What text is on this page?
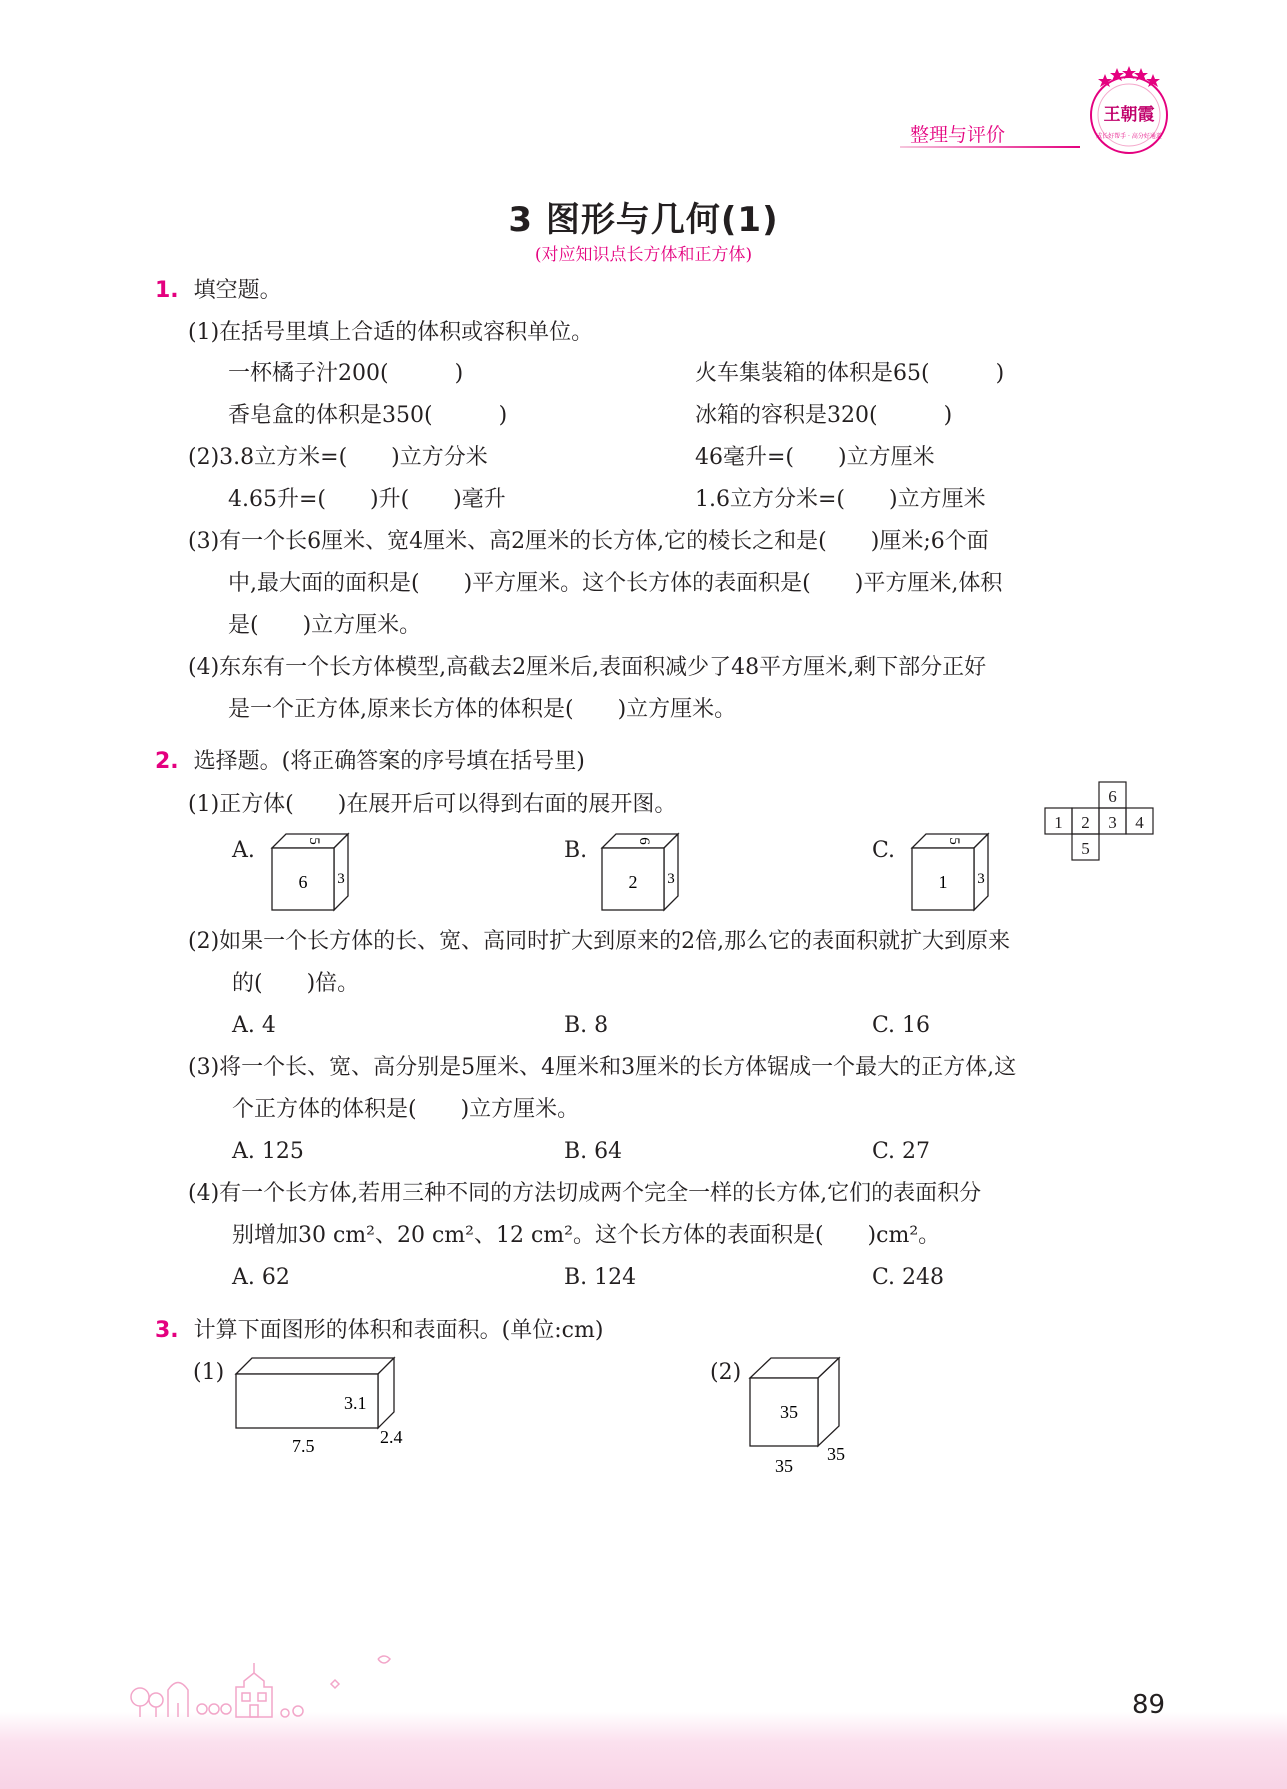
整理与评价
王朝霞
成长好帮手 · 高分好通道
3 图形与几何(1)
(对应知识点长方体和正方体)
1. 填空题。
(1)在括号里填上合适的体积或容积单位。
一杯橘子汁200(　　　)	火车集装箱的体积是65(　　　)
香皂盒的体积是350(　　　)	冰箱的容积是320(　　　)
(2)3.8立方米=(　　)立方分米	46毫升=(　　)立方厘米
4.65升=(　　)升(　　)毫升	1.6立方分米=(　　)立方厘米
(3)有一个长6厘米、宽4厘米、高2厘米的长方体,它的棱长之和是(　　)厘米;6个面
中,最大面的面积是(　　)平方厘米。这个长方体的表面积是(　　)平方厘米,体积
是(　　)立方厘米。
(4)东东有一个长方体模型,高截去2厘米后,表面积减少了48平方厘米,剩下部分正好
是一个正方体,原来长方体的体积是(　　)立方厘米。
2. 选择题。(将正确答案的序号填在括号里)
(1)正方体(　　)在展开后可以得到右面的展开图。	6
1 2 3 4
5
A.
6
5
3
B.
2
6
3
C.
1
5
3
(2)如果一个长方体的长、宽、高同时扩大到原来的2倍,那么它的表面积就扩大到原来
的(　　)倍。
A. 4	B. 8	C. 16
(3)将一个长、宽、高分别是5厘米、4厘米和3厘米的长方体锯成一个最大的正方体,这
个正方体的体积是(　　)立方厘米。
A. 125	B. 64	C. 27
(4)有一个长方体,若用三种不同的方法切成两个完全一样的长方体,它们的表面积分
别增加30 cm²、20 cm²、12 cm²。这个长方体的表面积是(　　)cm²。
A. 62	B. 124	C. 248
3. 计算下面图形的体积和表面积。(单位:cm)
(1)
3.1
7.5	2.4
(2)
35
35
35
89
